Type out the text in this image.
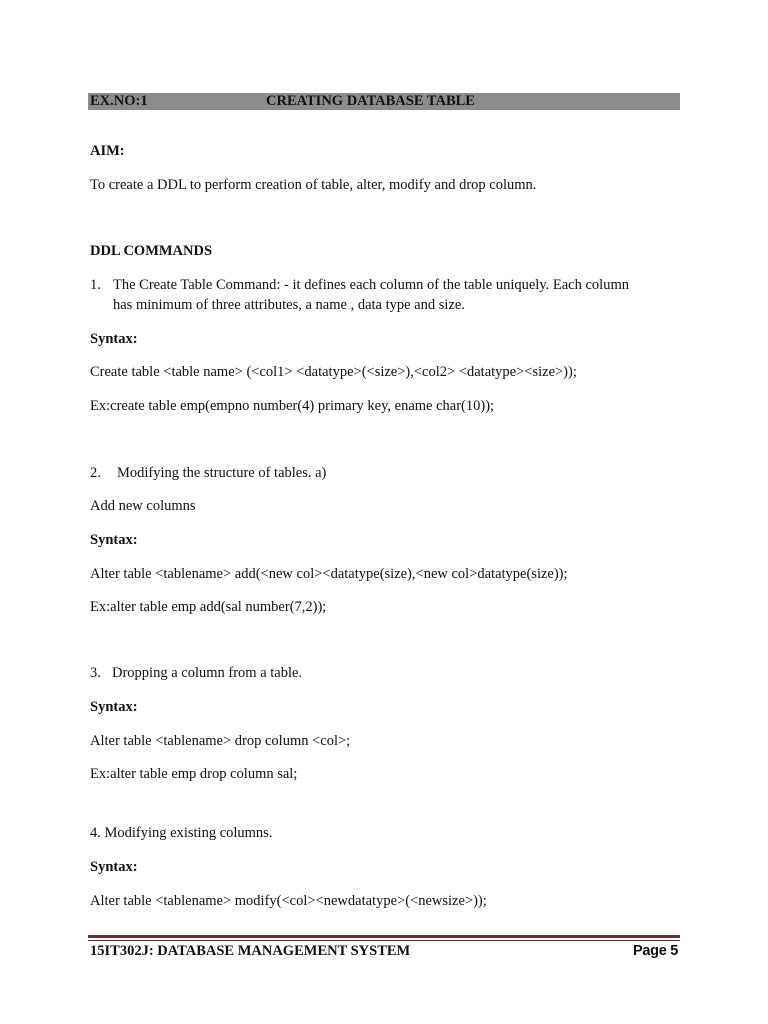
EX.NO:1	CREATING DATABASE TABLE
AIM:
To create a DDL to perform creation of table, alter, modify and drop column.
DDL COMMANDS
1. The Create Table Command: - it defines each column of the table uniquely. Each column
has minimum of three attributes, a name , data type and size.
Syntax:
Create table <table name> (<col1> <datatype>(<size>),<col2> <datatype><size>));
Ex:create table emp(empno number(4) primary key, ename char(10));
2. Modifying the structure of tables. a)
Add new columns
Syntax:
Alter table <tablename> add(<new col><datatype(size),<new col>datatype(size));
Ex:alter table emp add(sal number(7,2));
3. Dropping a column from a table.
Syntax:
Alter table <tablename> drop column <col>;
Ex:alter table emp drop column sal;
4. Modifying existing columns.
Syntax:
Alter table <tablename> modify(<col><newdatatype>(<newsize>));
15IT302J: DATABASE MANAGEMENT SYSTEM	Page 5
